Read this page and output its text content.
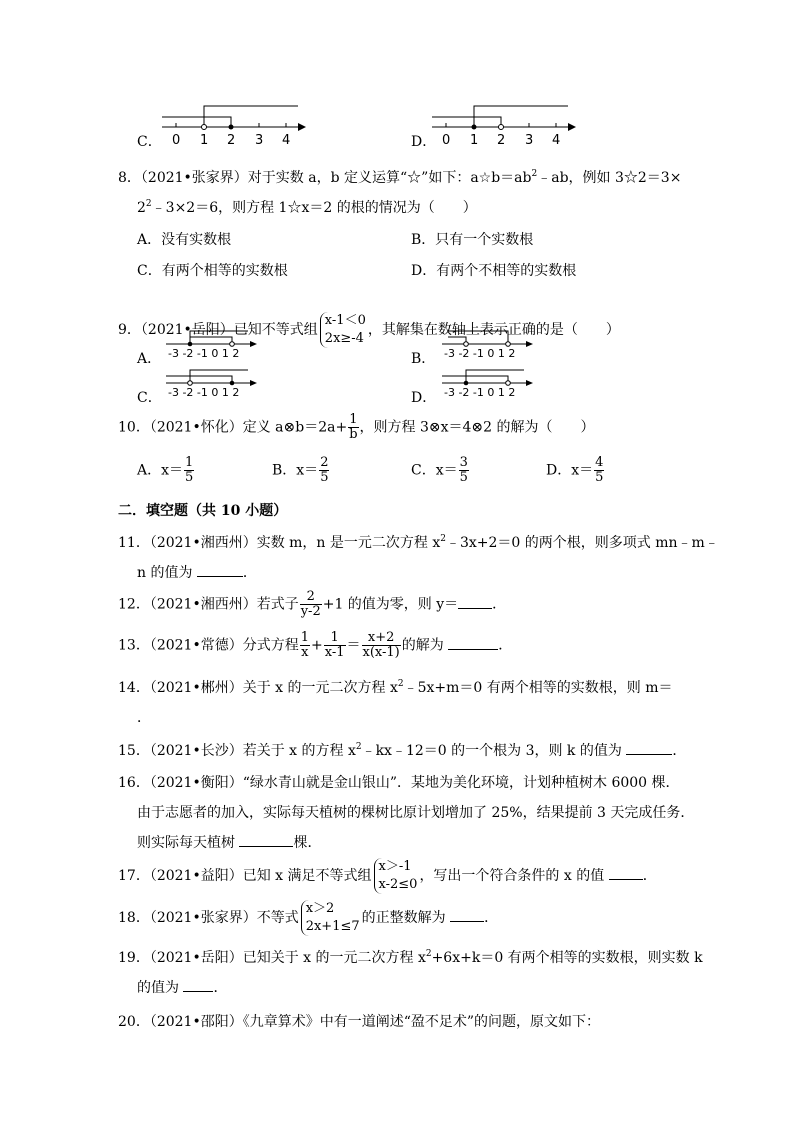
C． 0 1 2 3 4	D． 0 1 2 3 4
8．（2021•张家界）对于实数 a，b 定义运算“☆”如下：$a☆b=ab^2﹣ab$，例如 3☆2＝3×
$2^2﹣3\times 2=6$，则方程 1☆x＝2 的根的情况为（　　）
A．没有实数根	B．只有一个实数根
C．有两个相等的实数根	D．有两个不相等的实数根
9．（2021•岳阳）已知不等式组
x-1＜0
2x≥-4
，其解集在数轴上表示正确的是（　　）
A． -3 -2 -1 0 1 2	B． -3 -2 -1 0 1 2
C． -3 -2 -1 0 1 2	D． -3 -2 -1 0 1 2
10．（2021•怀化）定义 a⊗b＝2a+ $\frac{1}{b}$ ，则方程 3⊗x＝4⊗2 的解为（　　）
A．$x= \frac{1}{5}$	B．$x= \frac{2}{5}$	C．$x= \frac{3}{5}$	D．$x= \frac{4}{5}$
二．填空题（共 10 小题）
11．（2021•湘西州）实数 m，n 是一元二次方程 $x^2﹣3x+2=0$ 的两个根，则多项式 mn﹣m﹣
n 的值为	．
12．（2021•湘西州）若式子 $\frac{2}{y-2} +1$ 的值为零，则 y＝ ．
13．（2021•常德）分式方程 $\frac{1}{x} + \frac{1}{x-1} = \frac{x+2}{x(x-1)}$ 的解为	．
14．（2021•郴州）关于 x 的一元二次方程 $x^2﹣5x+m=0$ 有两个相等的实数根，则 m＝
．
15．（2021•长沙）若关于 x 的方程 $x^2﹣kx﹣12=0$ 的一个根为 3，则 k 的值为	．
16．（2021•衡阳）“绿水青山就是金山银山”．某地为美化环境，计划种植树木 6000 棵．
由于志愿者的加入，实际每天植树的棵树比原计划增加了 25%，结果提前 3 天完成任务．
则实际每天植树	棵．
17．（2021•益阳）已知 x 满足不等式组
x＞-1
x-2≤0
，写出一个符合条件的 x 的值	．
18．（2021•张家界）不等式
x＞2
2x+1≤7
的正整数解为	．
19．（2021•岳阳）已知关于 x 的一元二次方程 $x^2+6x+k=0$ 有两个相等的实数根，则实数 k
的值为 ．
20．（2021•邵阳）《九章算术》中有一道阐述“盈不足术”的问题，原文如下：
